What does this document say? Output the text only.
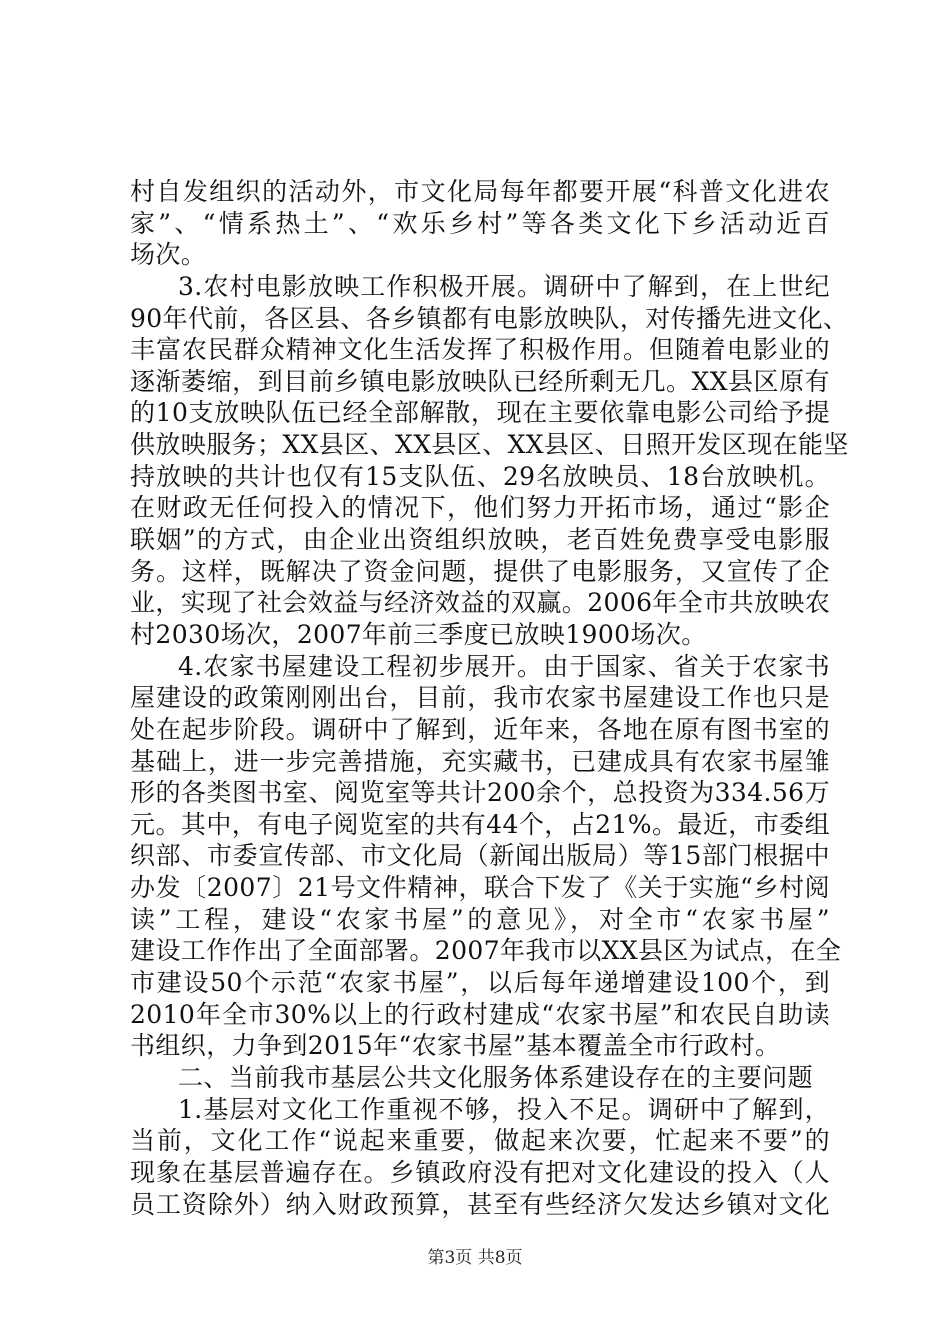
村自发组织的活动外，市文化局每年都要开展“科普文化进农
家”、“情系热土”、“欢乐乡村”等各类文化下乡活动近百
场次。
3.农村电影放映工作积极开展。调研中了解到，在上世纪
90年代前，各区县、各乡镇都有电影放映队，对传播先进文化、
丰富农民群众精神文化生活发挥了积极作用。但随着电影业的
逐渐萎缩，到目前乡镇电影放映队已经所剩无几。XX县区原有
的10支放映队伍已经全部解散，现在主要依靠电影公司给予提
供放映服务；XX县区、XX县区、XX县区、日照开发区现在能坚
持放映的共计也仅有15支队伍、29名放映员、18台放映机。
在财政无任何投入的情况下，他们努力开拓市场，通过“影企
联姻”的方式，由企业出资组织放映，老百姓免费享受电影服
务。这样，既解决了资金问题，提供了电影服务，又宣传了企
业，实现了社会效益与经济效益的双赢。2006年全市共放映农
村2030场次，2007年前三季度已放映1900场次。
4.农家书屋建设工程初步展开。由于国家、省关于农家书
屋建设的政策刚刚出台，目前，我市农家书屋建设工作也只是
处在起步阶段。调研中了解到，近年来，各地在原有图书室的
基础上，进一步完善措施，充实藏书，已建成具有农家书屋雏
形的各类图书室、阅览室等共计200余个，总投资为334.56万
元。其中，有电子阅览室的共有44个，占21%。最近，市委组
织部、市委宣传部、市文化局（新闻出版局）等15部门根据中
办发〔2007〕21号文件精神，联合下发了《关于实施“乡村阅
读”工程，建设“农家书屋”的意见》，对全市“农家书屋”
建设工作作出了全面部署。2007年我市以XX县区为试点，在全
市建设50个示范“农家书屋”，以后每年递增建设100个，到
2010年全市30%以上的行政村建成“农家书屋”和农民自助读
书组织，力争到2015年“农家书屋”基本覆盖全市行政村。
二、当前我市基层公共文化服务体系建设存在的主要问题
1.基层对文化工作重视不够，投入不足。调研中了解到，
当前，文化工作“说起来重要，做起来次要，忙起来不要”的
现象在基层普遍存在。乡镇政府没有把对文化建设的投入（人
员工资除外）纳入财政预算，甚至有些经济欠发达乡镇对文化
第3页 共8页
